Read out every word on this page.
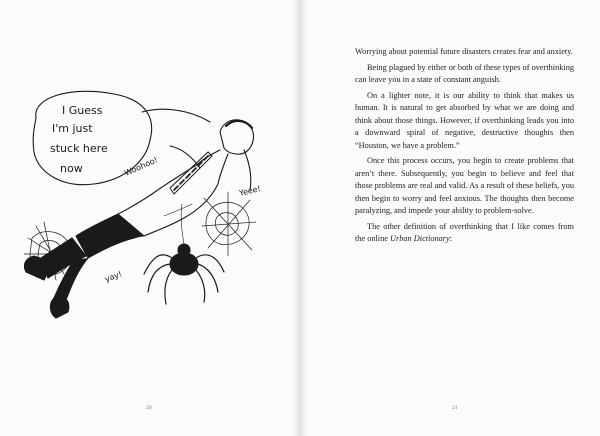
I Guess
I'm just
stuck here
now	Woohoo!
Yeee!
yay!
20

Worrying about potential future disasters creates fear and anxiety.

Being plagued by either or both of these types of overthinking can leave you in a state of constant anguish.

On a lighter note, it is our ability to think that makes us human. It is natural to get absorbed by what we are doing and think about those things. However, if overthinking leads you into a downward spiral of negative, destructive thoughts then “Houston, we have a problem.”

Once this process occurs, you begin to create problems that aren’t there. Subsequently, you begin to believe and feel that those problems are real and valid. As a result of these beliefs, you then begin to worry and feel anxious. The thoughts then become paralyzing, and impede your ability to problem-solve.

The other definition of overthinking that I like comes from the online Urban Dictionary:

21
